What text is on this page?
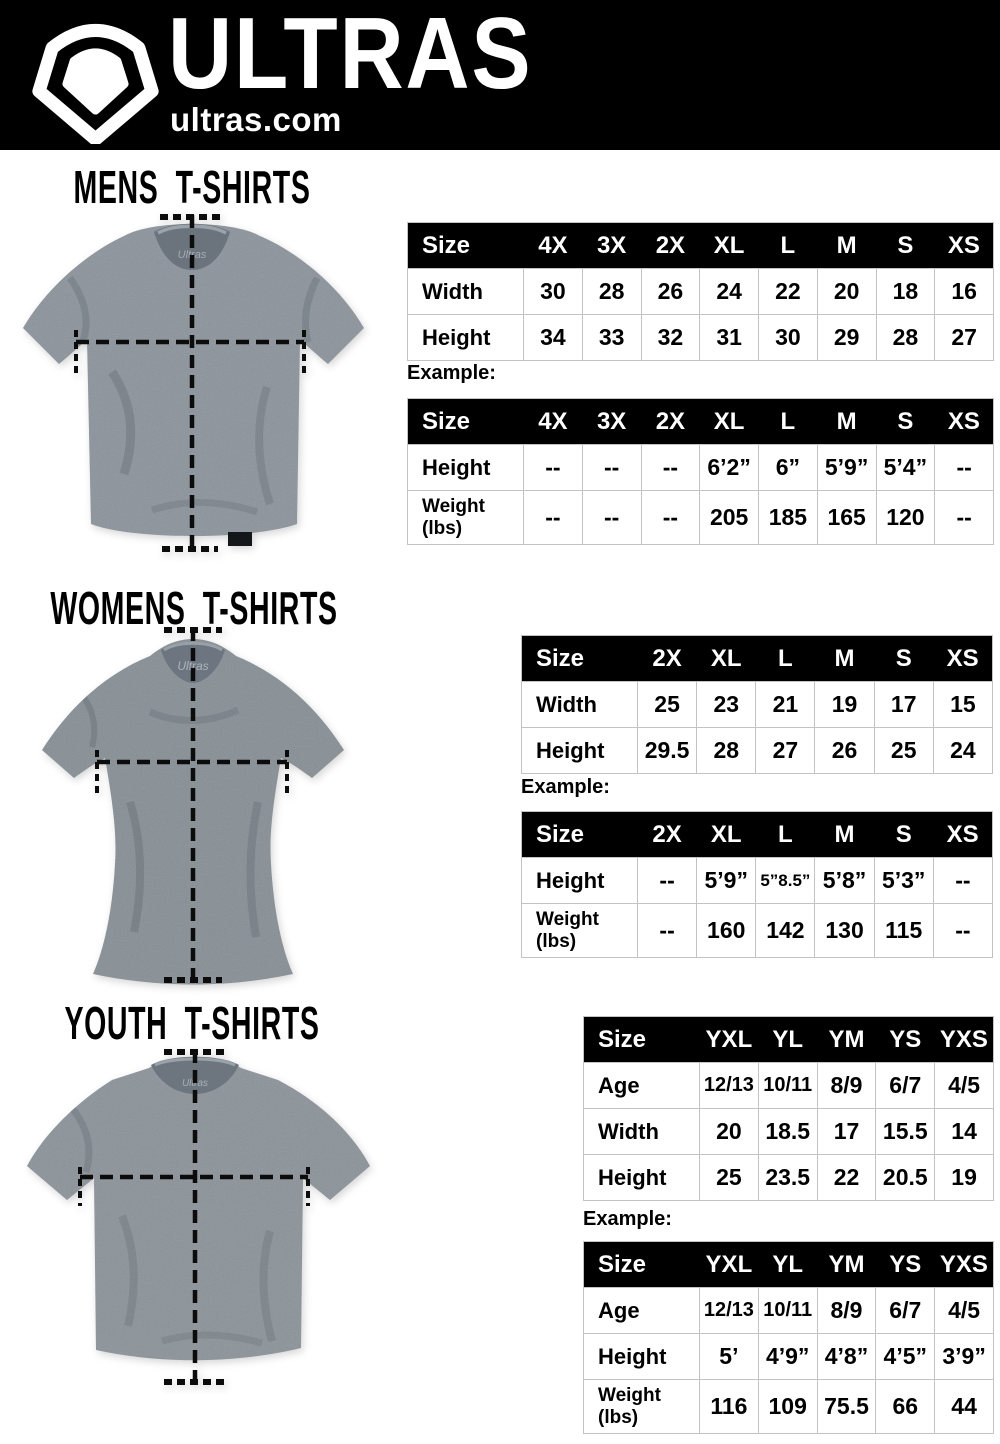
ULTRAS
ultras.com
MENS T-SHIRTS
WOMENS T-SHIRTS
YOUTH T-SHIRTS
Ultras
Ultras
Ultras
Size	4X	3X	2X	XL	L	M	S	XS

Width	30	28	26	24	22	20	18	16

Height	34	33	32	31	30	29	28	27
Example:
Size	4X	3X	2X	XL	L	M	S	XS

Height	--	--	--	6’2”	6”	5’9”	5’4”	--

Weight
(lbs)	--	--	--	205	185	165	120	--
Size	2X	XL	L	M	S	XS

Width	25	23	21	19	17	15

Height	29.5	28	27	26	25	24
Example:
Size	2X	XL	L	M	S	XS

Height	--	5’9”	5”8.5”	5’8”	5’3”	--

Weight
(lbs)	--	160	142	130	115	--
Size	YXL	YL	YM	YS	YXS

Age	12/13	10/11	8/9	6/7	4/5

Width	20	18.5	17	15.5	14

Height	25	23.5	22	20.5	19
Example:
Size	YXL	YL	YM	YS	YXS

Age	12/13	10/11	8/9	6/7	4/5

Height	5’	4’9”	4’8”	4’5”	3’9”

Weight
(lbs)	116	109	75.5	66	44
